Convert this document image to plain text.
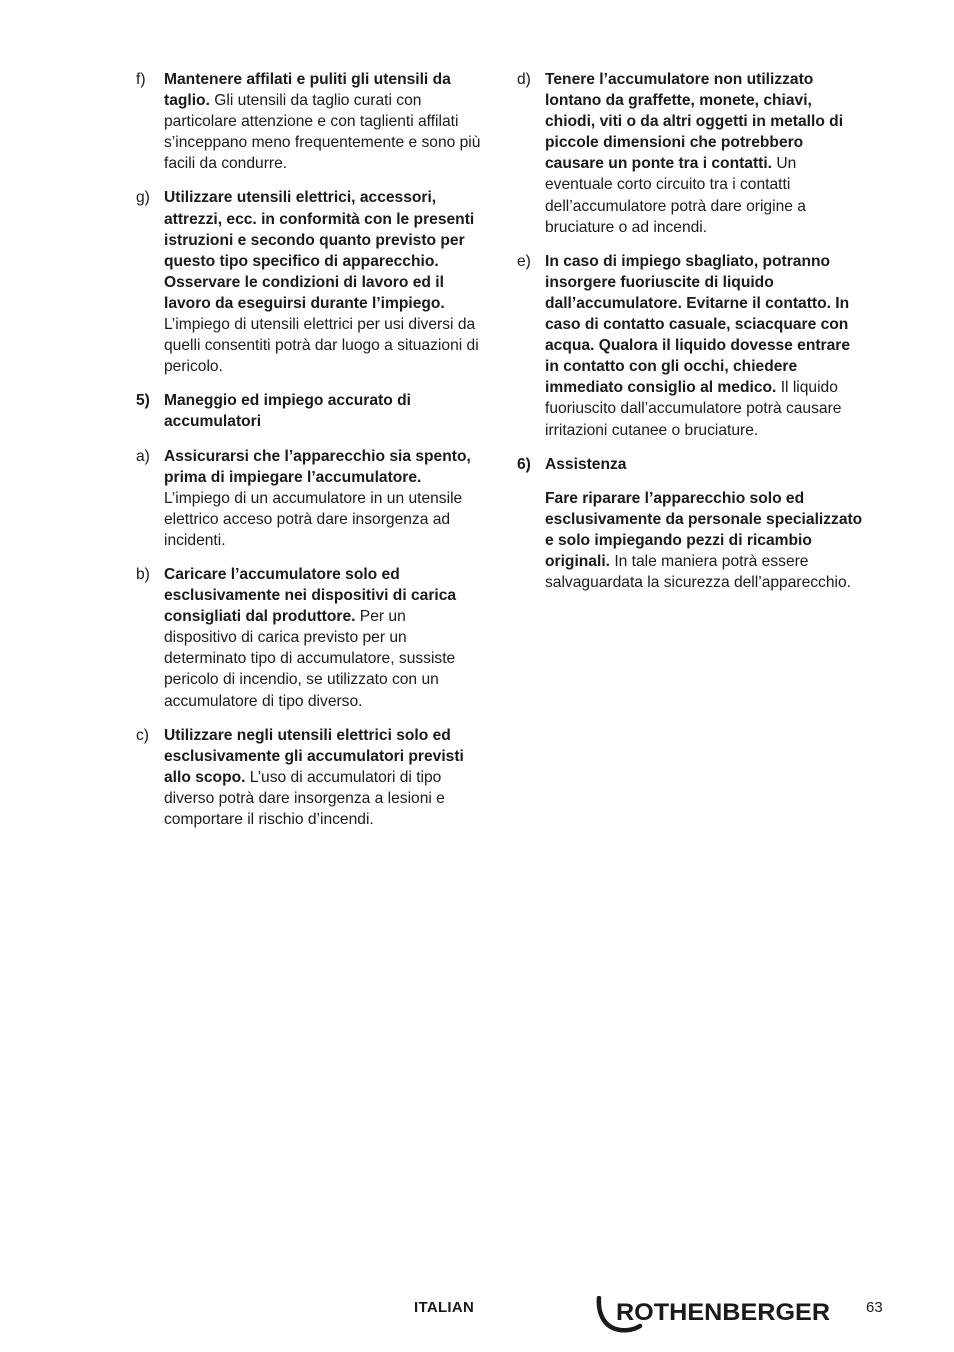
f)	Mantenere affilati e puliti gli utensili da taglio. Gli utensili da taglio curati con particolare attenzione e con taglienti affilati s’inceppano meno frequentemente e sono più facili da condurre.
g) Utilizzare utensili elettrici, accessori, attrezzi, ecc. in conformità con le presenti istruzioni e secondo quanto previsto per questo tipo specifico di apparecchio. Osservare le condizioni di lavoro ed il lavoro da eseguirsi durante l’impiego. L’impiego di utensili elettrici per usi diversi da quelli consentiti potrà dar luogo a situazioni di pericolo.
5) Maneggio ed impiego accurato di accumulatori
a) Assicurarsi che l’apparecchio sia spento, prima di impiegare l’accumulatore. L’impiego di un accumulatore in un utensile elettrico acceso potrà dare insorgenza ad incidenti.
b) Caricare l’accumulatore solo ed esclusivamente nei dispositivi di carica consigliati dal produttore. Per un dispositivo di carica previsto per un determinato tipo di accumulatore, sussiste pericolo di incendio, se utilizzato con un accumulatore di tipo diverso.
c) Utilizzare negli utensili elettrici solo ed esclusivamente gli accumulatori previsti allo scopo. L’uso di accumulatori di tipo diverso potrà dare insorgenza a lesioni e comportare il rischio d’incendi.
d) Tenere l’accumulatore non utilizzato lontano da graffette, monete, chiavi, chiodi, viti o da altri oggetti in metallo di piccole dimensioni che potrebbero causare un ponte tra i contatti. Un eventuale corto circuito tra i contatti dell’accumulatore potrà dare origine a bruciature o ad incendi.
e) In caso di impiego sbagliato, potranno insorgere fuoriuscite di liquido dall’accumulatore. Evitarne il contatto. In caso di contatto casuale, sciacquare con acqua. Qualora il liquido dovesse entrare in contatto con gli occhi, chiedere immediato consiglio al medico. Il liquido fuoriuscito dall’accumulatore potrà causare irritazioni cutanee o bruciature.
6) Assistenza
Fare riparare l’apparecchio solo ed esclusivamente da personale specializzato e solo impiegando pezzi di ricambio originali. In tale maniera potrà essere salvaguardata la sicurezza dell’apparecchio.
ITALIAN	ROTHENBERGER 63
